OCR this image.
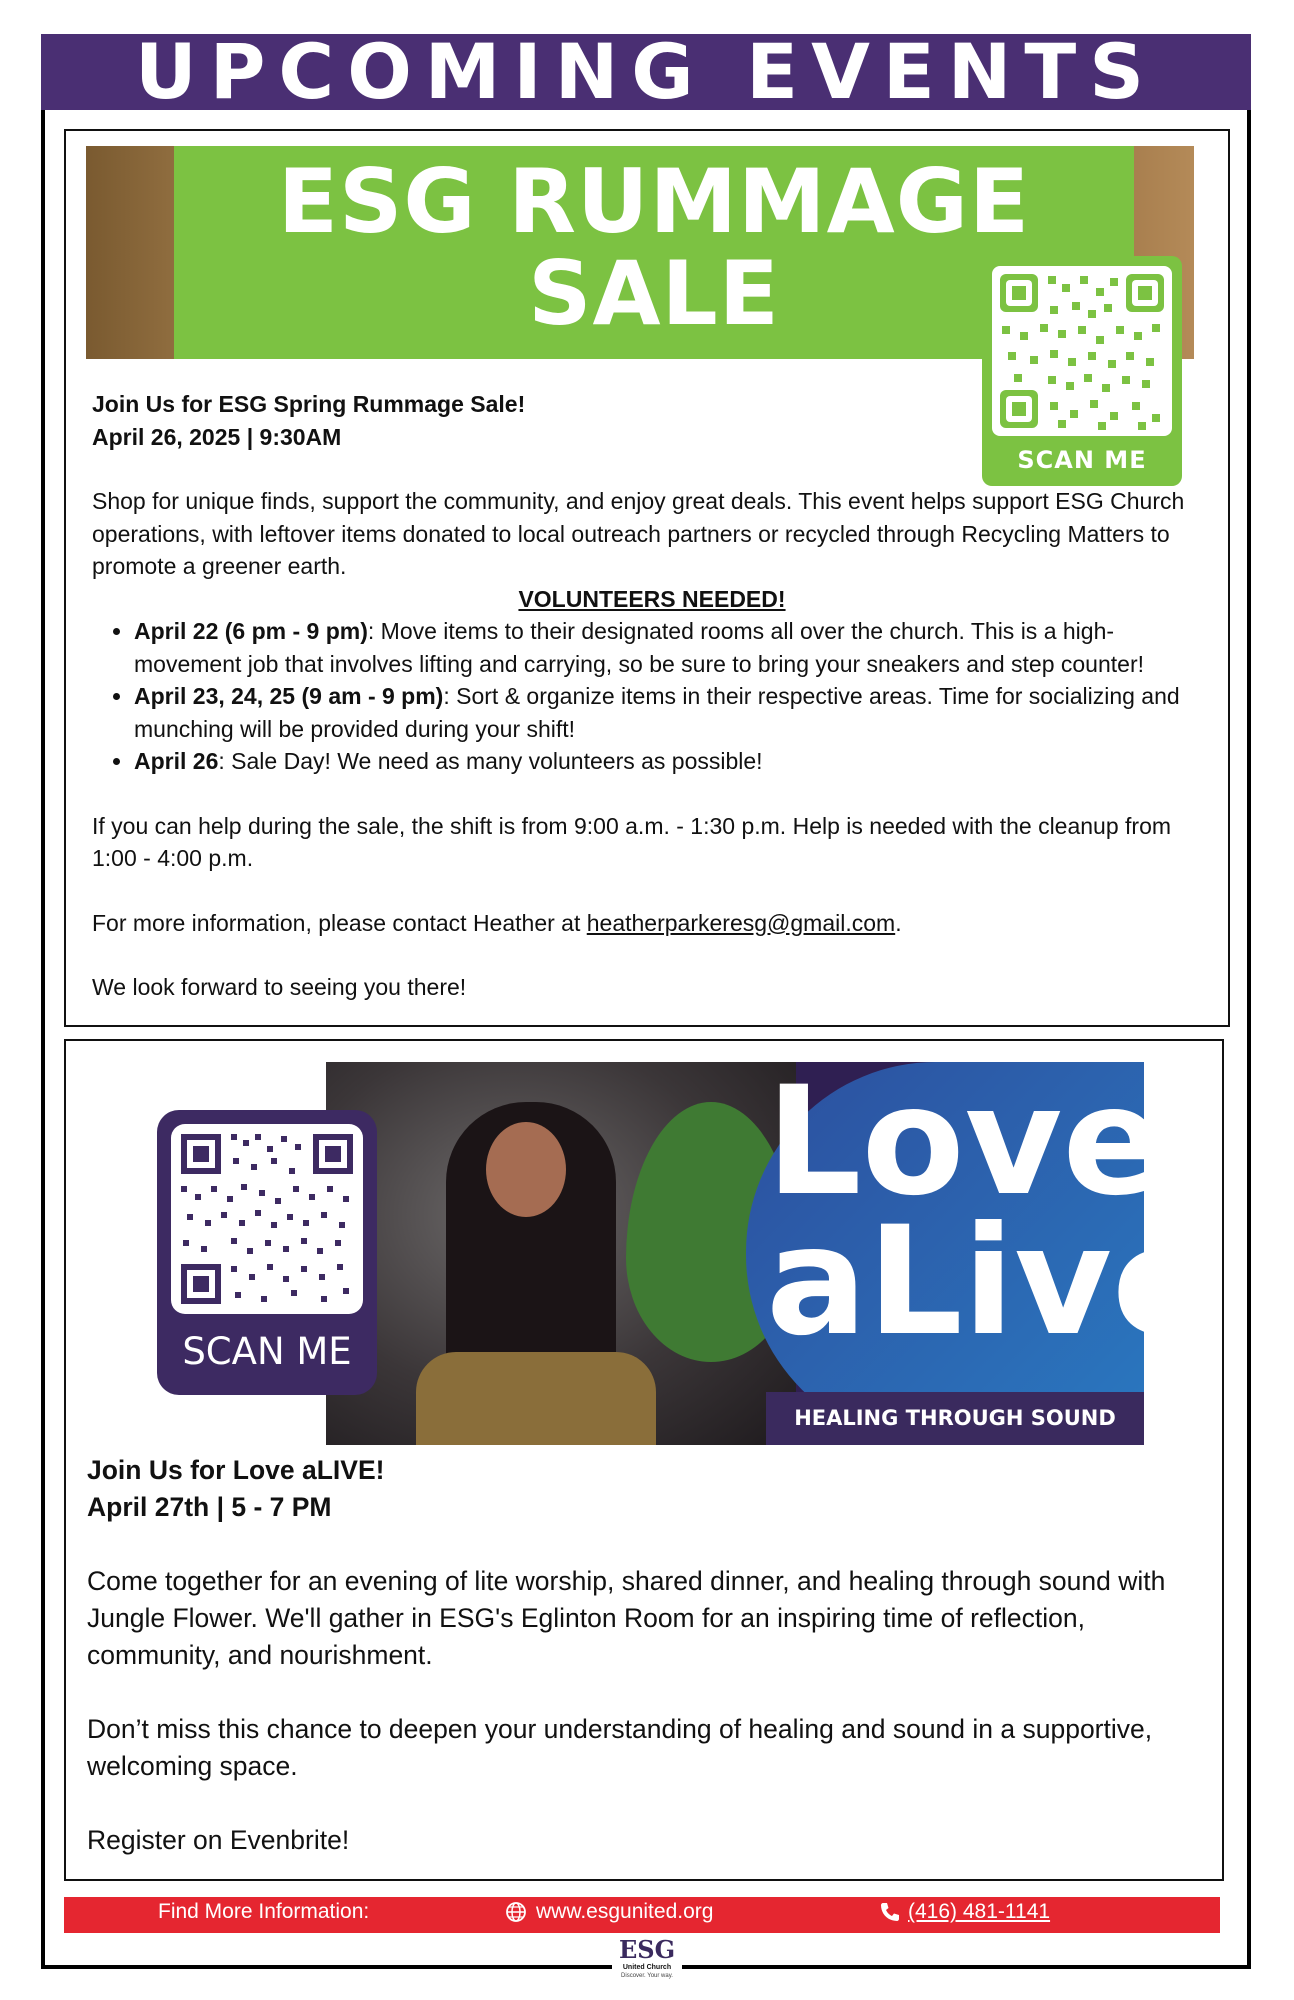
UPCOMING EVENTS
ESG RUMMAGE
SALE
SCAN ME

Join Us for ESG Spring Rummage Sale!

April 26, 2025 | 9:30AM

Shop for unique finds, support the community, and enjoy great deals. This event helps support ESG Church operations, with leftover items donated to local outreach partners or recycled through Recycling Matters to promote a greener earth.

VOLUNTEERS NEEDED!

• April 22 (6 pm - 9 pm): Move items to their designated rooms all over the church. This is a high-movement job that involves lifting and carrying, so be sure to bring your sneakers and step counter!
• April 23, 24, 25 (9 am - 9 pm): Sort & organize items in their respective areas. Time for socializing and munching will be provided during your shift!
• April 26: Sale Day! We need as many volunteers as possible!

If you can help during the sale, the shift is from 9:00 a.m. - 1:30 p.m. Help is needed with the cleanup from 1:00 - 4:00 p.m.

For more information, please contact Heather at heatherparkeresg@gmail.com.

We look forward to seeing you there!

Love
aLive
HEALING THROUGH SOUND
SCAN ME

Join Us for Love aLIVE!

April 27th | 5 - 7 PM

Come together for an evening of lite worship, shared dinner, and healing through sound with Jungle Flower. We'll gather in ESG's Eglinton Room for an inspiring time of reflection, community, and nourishment.

Don’t miss this chance to deepen your understanding of healing and sound in a supportive, welcoming space.

Register on Evenbrite!

Find More Information:	www.esgunited.org	(416) 481-1141
ESG
United Church
Discover. Your way.
